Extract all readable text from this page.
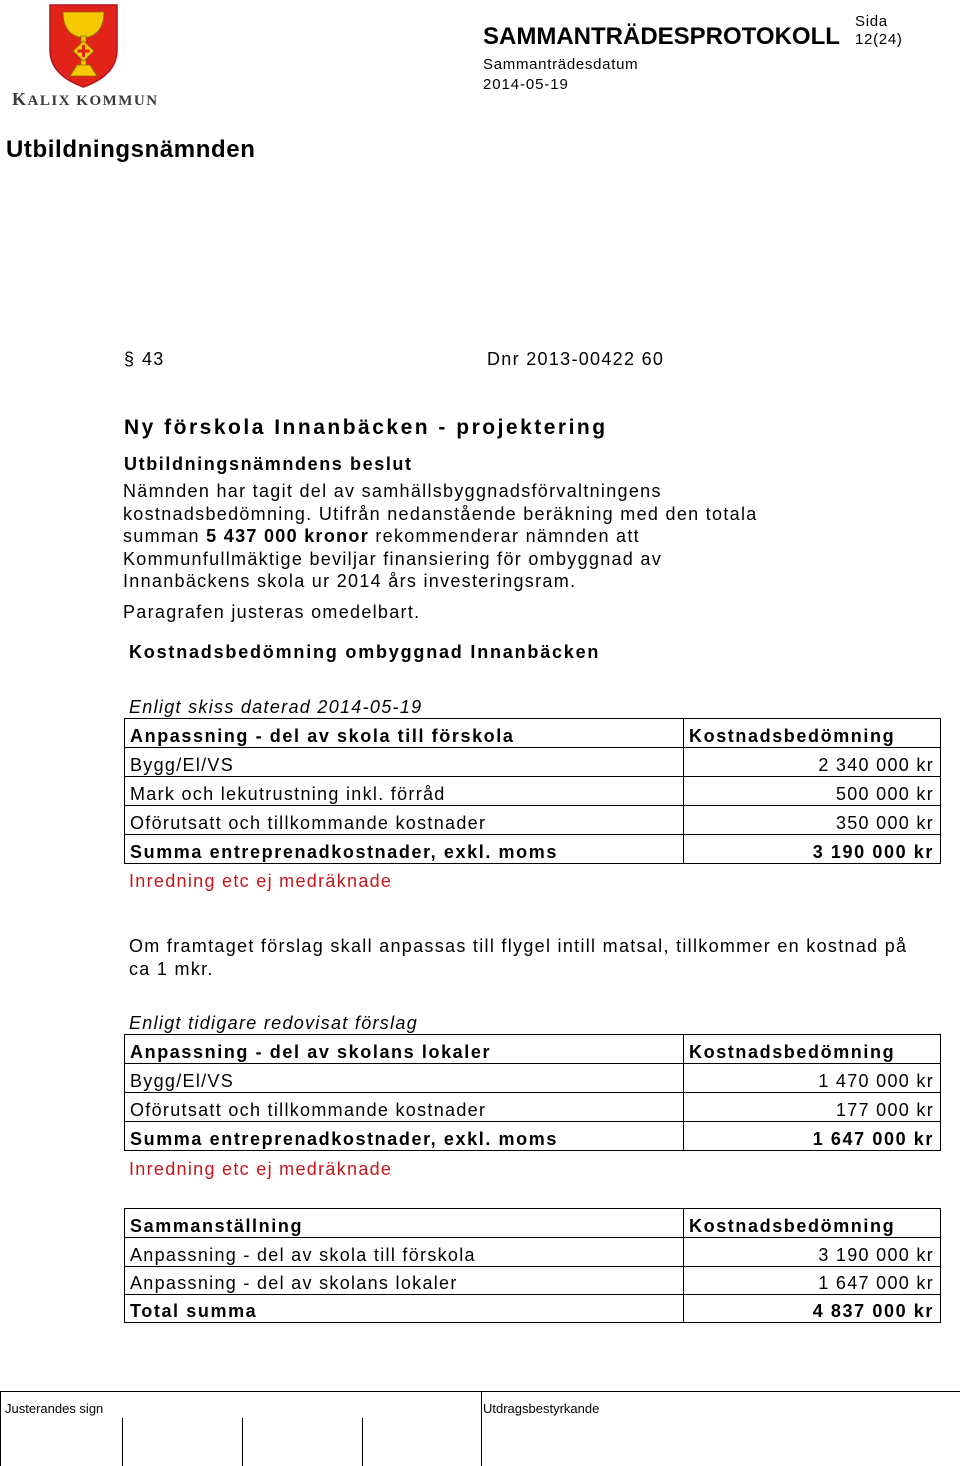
KALIX KOMMUN
SAMMANTRÄDESPROTOKOLL
Sida
12(24)
Sammanträdesdatum
2014-05-19
Utbildningsnämnden
§ 43	Dnr 2013-00422 60
Ny förskola Innanbäcken - projektering
Utbildningsnämndens beslut
Nämnden har tagit del av samhällsbyggnadsförvaltningens
kostnadsbedömning. Utifrån nedanstående beräkning med den totala
summan 5 437 000 kronor rekommenderar nämnden att
Kommunfullmäktige beviljar finansiering för ombyggnad av
Innanbäckens skola ur 2014 års investeringsram.
Paragrafen justeras omedelbart.
Kostnadsbedömning ombyggnad Innanbäcken
Enligt skiss daterad 2014-05-19
Anpassning - del av skola till förskola	Kostnadsbedömning
Bygg/El/VS	2 340 000 kr
Mark och lekutrustning inkl. förråd	500 000 kr
Oförutsatt och tillkommande kostnader	350 000 kr
Summa entreprenadkostnader, exkl. moms	3 190 000 kr
Inredning etc ej medräknade
Om framtaget förslag skall anpassas till flygel intill matsal, tillkommer en kostnad på
ca 1 mkr.
Enligt tidigare redovisat förslag
Anpassning - del av skolans lokaler	Kostnadsbedömning
Bygg/El/VS	1 470 000 kr
Oförutsatt och tillkommande kostnader	177 000 kr
Summa entreprenadkostnader, exkl. moms	1 647 000 kr
Inredning etc ej medräknade
Sammanställning	Kostnadsbedömning
Anpassning - del av skola till förskola	3 190 000 kr
Anpassning - del av skolans lokaler	1 647 000 kr
Total summa	4 837 000 kr
Justerandes sign	Utdragsbestyrkande
